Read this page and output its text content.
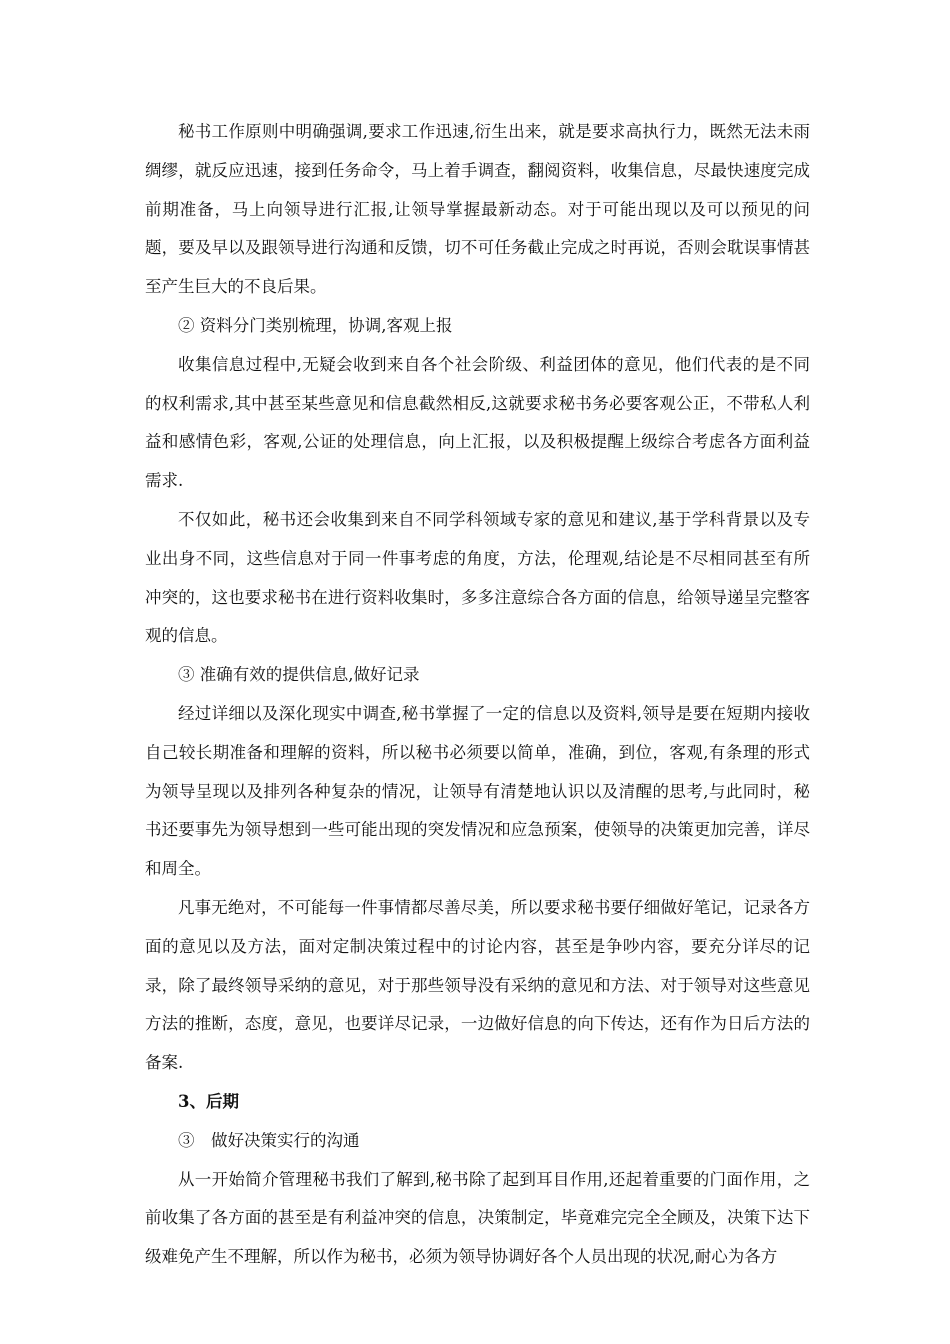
秘书工作原则中明确强调,要求工作迅速,衍生出来，就是要求高执行力，既然无法未雨绸缪，就反应迅速，接到任务命令，马上着手调查，翻阅资料，收集信息，尽最快速度完成前期准备，马上向领导进行汇报,让领导掌握最新动态。对于可能出现以及可以预见的问题，要及早以及跟领导进行沟通和反馈，切不可任务截止完成之时再说，否则会耽误事情甚至产生巨大的不良后果。

② 资料分门类别梳理，协调,客观上报

收集信息过程中,无疑会收到来自各个社会阶级、利益团体的意见，他们代表的是不同的权利需求,其中甚至某些意见和信息截然相反,这就要求秘书务必要客观公正，不带私人利益和感情色彩，客观,公证的处理信息，向上汇报，以及积极提醒上级综合考虑各方面利益需求.

不仅如此，秘书还会收集到来自不同学科领域专家的意见和建议,基于学科背景以及专业出身不同，这些信息对于同一件事考虑的角度，方法，伦理观,结论是不尽相同甚至有所冲突的，这也要求秘书在进行资料收集时，多多注意综合各方面的信息，给领导递呈完整客观的信息。

③ 准确有效的提供信息,做好记录

经过详细以及深化现实中调查,秘书掌握了一定的信息以及资料,领导是要在短期内接收自己较长期准备和理解的资料，所以秘书必须要以简单，准确，到位，客观,有条理的形式为领导呈现以及排列各种复杂的情况，让领导有清楚地认识以及清醒的思考,与此同时，秘书还要事先为领导想到一些可能出现的突发情况和应急预案，使领导的决策更加完善，详尽和周全。

凡事无绝对，不可能每一件事情都尽善尽美，所以要求秘书要仔细做好笔记，记录各方面的意见以及方法，面对定制决策过程中的讨论内容，甚至是争吵内容，要充分详尽的记录，除了最终领导采纳的意见，对于那些领导没有采纳的意见和方法、对于领导对这些意见方法的推断，态度，意见，也要详尽记录，一边做好信息的向下传达，还有作为日后方法的备案.

3、后期

③　做好决策实行的沟通

从一开始简介管理秘书我们了解到,秘书除了起到耳目作用,还起着重要的门面作用，之前收集了各方面的甚至是有利益冲突的信息，决策制定，毕竟难完完全全顾及，决策下达下级难免产生不理解，所以作为秘书，必须为领导协调好各个人员出现的状况,耐心为各方
